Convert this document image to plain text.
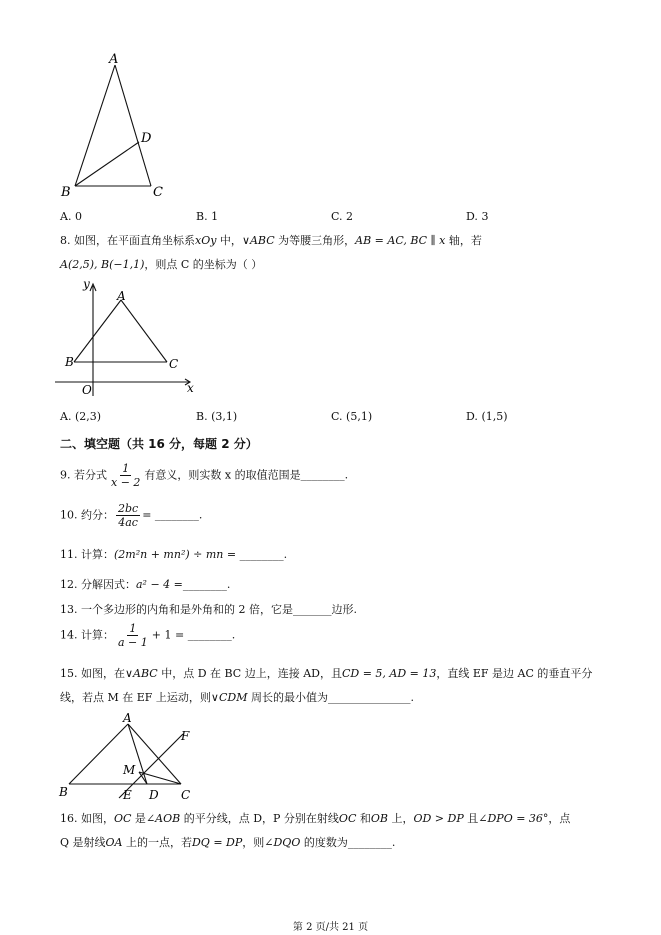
A
D
B	C
A. 0	B. 1	C. 2	D. 3
8. 如图，在平面直角坐标系xOy 中，∨ABC 为等腰三角形，AB = AC, BC ∥ x 轴，若
A(2,5), B(−1,1)，则点 C 的坐标为（ ）
y
A
B	C
O	x
A. (2,3)	B. (3,1)	C. (5,1)	D. (1,5)
二、填空题（共 16 分，每题 2 分）
9. 若分式 $\frac{1}{x - 2}$ 有意义，则实数 x 的取值范围是________.
10. 约分： $\frac{2bc}{4ac}$ = ________.
11. 计算：(2m²n + mn²) ÷ mn = ________.
12. 分解因式：a² − 4 =________.
13. 一个多边形的内角和是外角和的 2 倍，它是_______边形.
14. 计算： $\frac{1}{a - 1} + 1$ = ________.
15. 如图，在∨ABC 中，点 D 在 BC 边上，连接 AD，且CD = 5, AD = 13，直线 EF 是边 AC 的垂直平分
线，若点 M 在 EF 上运动，则∨CDM 周长的最小值为_______________.
A
F
M
B	E D C
16. 如图，OC 是∠AOB 的平分线，点 D，P 分别在射线OC 和OB 上，OD > DP 且∠DPO = 36°，点
Q 是射线OA 上的一点，若DQ = DP，则∠DQO 的度数为________.
第 2 页/共 21 页
